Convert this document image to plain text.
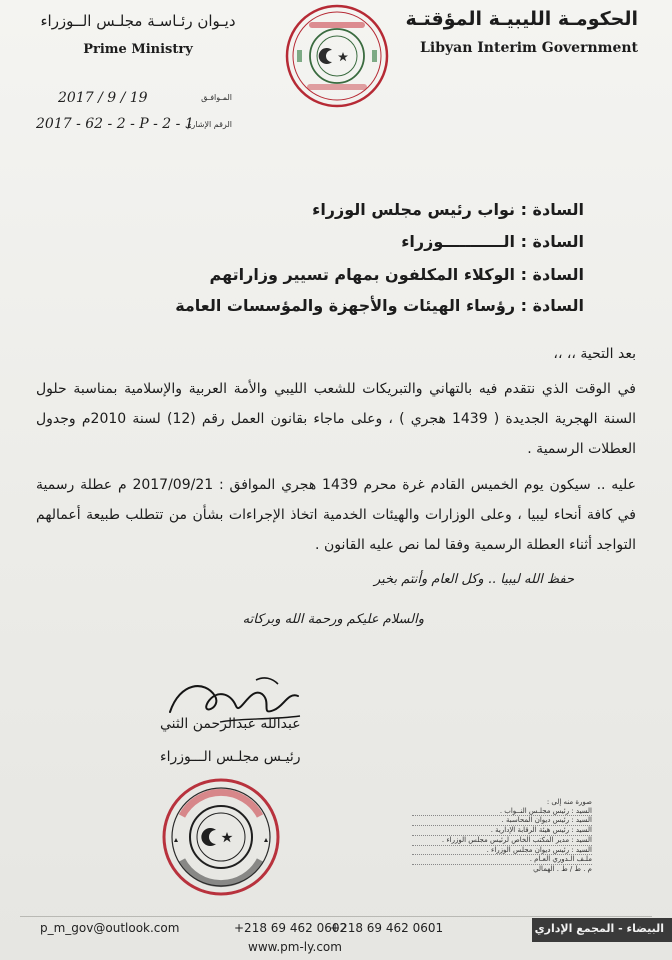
الحكومـة الليبيـة المؤقتـة
Libyan Interim Government
ديـوان رئـاسـة مجلـس الــوزراء
Prime Ministry
المـوافـق
2017 / 9 / 19
الرقم الإشاري
2017 - 62 - 2 - P - 2 - 1
السادة : نواب رئيس مجلس الوزراء
السادة : الـــــــــــوزراء
السادة : الوكلاء المكلفون بمهام تسيير وزاراتهم
السادة : رؤساء الهيئات والأجهزة والمؤسسات العامة
بعد التحية ،، ،،
في الوقت الذي نتقدم فيه بالتهاني والتبريكات للشعب الليبي والأمة العربية والإسلامية بمناسبة حلول السنة الهجرية الجديدة ( 1439 هجري ) ، وعلى ماجاء بقانون العمل رقم (12) لسنة 2010م وجدول العطلات الرسمية .
عليه .. سيكون يوم الخميس القادم غرة محرم 1439 هجري الموافق : 2017/09/21 م عطلة رسمية في كافة أنحاء ليبيا ، وعلى الوزارات والهيئات الخدمية اتخاذ الإجراءات بشأن من تتطلب طبيعة أعمالهم التواجد أثناء العطلة الرسمية وفقا لما نص عليه القانون .
حفظ الله ليبيا .. وكل العام وأنتم بخير
والسلام عليكم ورحمة الله وبركاته
عبدالله عبدالرحمن الثني
رئيـس مجلـس الـــوزراء
صورة منه إلى :
السيد : رئيس مجلـس النــواب .
السيد : رئيس ديوان المحاسبة .
السيد : رئيس هيئة الرقابة الإدارية .
السيد : مدير المكتب الخاص لرئيس مجلس الوزراء .
السيد : رئيس ديوان مجلس الوزراء .
ملـف الـدوري العـام .
م . ط / ط . الهمالي
البيضاء - المجمع الإداري
p_m_gov@outlook.com	+218 69 462 0602
+218 69 462 0601
www.pm-ly.com
